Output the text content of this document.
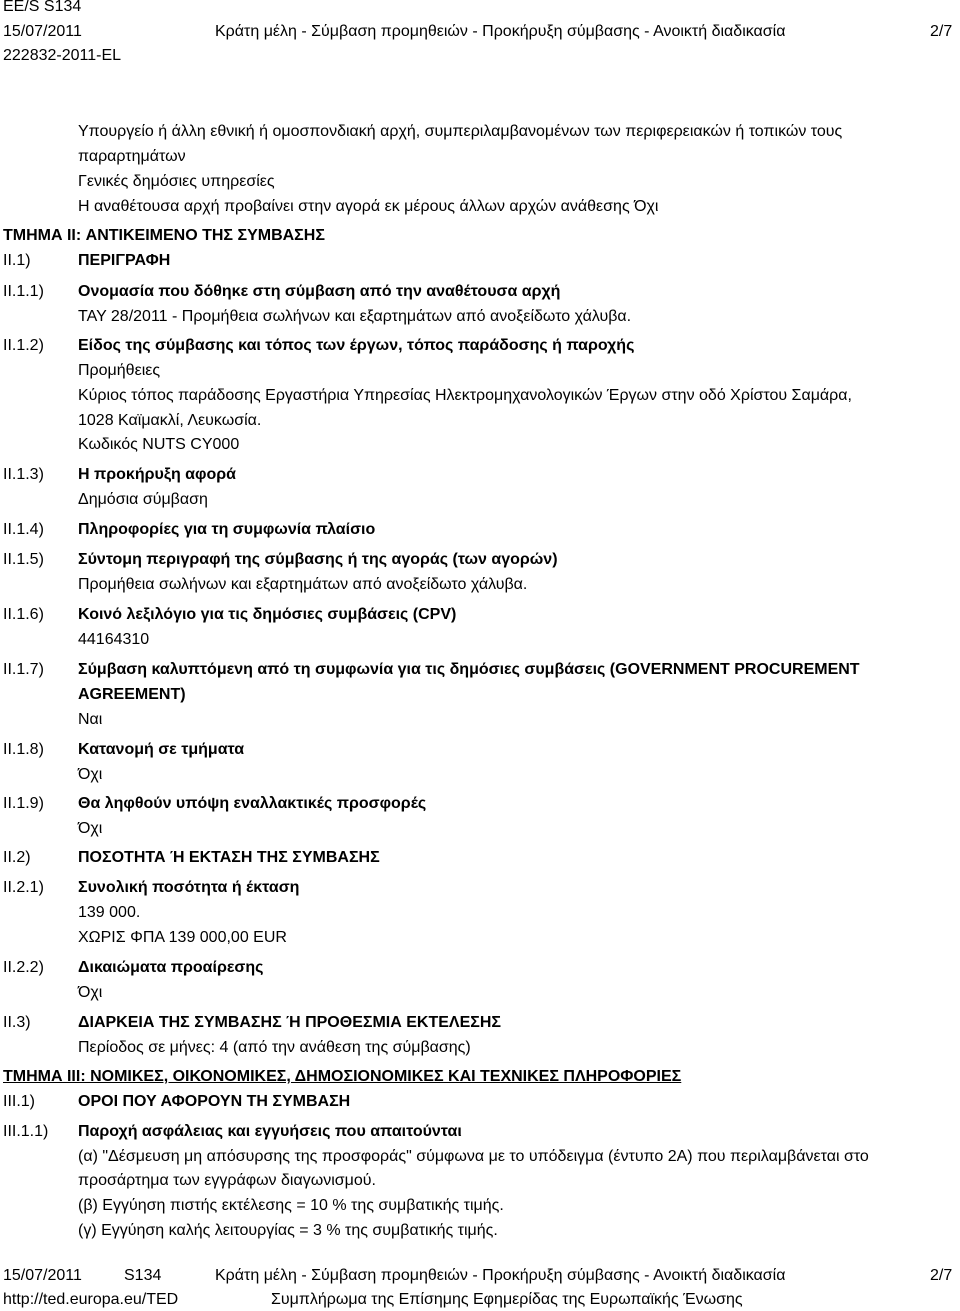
EE/S S134
15/07/2011	Κράτη μέλη - Σύμβαση προμηθειών - Προκήρυξη σύμβασης - Ανοικτή διαδικασία	2/7
222832-2011-EL
Υπουργείο ή άλλη εθνική ή ομοσπονδιακή αρχή, συμπεριλαμβανομένων των περιφερειακών ή τοπικών τους
παραρτημάτων
Γενικές δημόσιες υπηρεσίες
Η αναθέτουσα αρχή προβαίνει στην αγορά εκ μέρους άλλων αρχών ανάθεσης Όχι
ΤΜΗΜΑ II: ΑΝΤΙΚΕΙΜΕΝΟ ΤΗΣ ΣΥΜΒΑΣΗΣ
II.1)	ΠΕΡΙΓΡΑΦΗ
II.1.1) Ονομασία που δόθηκε στη σύμβαση από την αναθέτουσα αρχή
ΤΑΥ 28/2011 - Προμήθεια σωλήνων και εξαρτημάτων από ανοξείδωτο χάλυβα.
II.1.2) Είδος της σύμβασης και τόπος των έργων, τόπος παράδοσης ή παροχής
Προμήθειες
Κύριος τόπος παράδοσης Εργαστήρια Υπηρεσίας Ηλεκτρομηχανολογικών Έργων στην οδό Χρίστου Σαμάρα,
1028 Καϊμακλί, Λευκωσία.
Κωδικός NUTS CY000
II.1.3) Η προκήρυξη αφορά
Δημόσια σύμβαση
II.1.4) Πληροφορίες για τη συμφωνία πλαίσιο
II.1.5) Σύντομη περιγραφή της σύμβασης ή της αγοράς (των αγορών)
Προμήθεια σωλήνων και εξαρτημάτων από ανοξείδωτο χάλυβα.
II.1.6) Κοινό λεξιλόγιο για τις δημόσιες συμβάσεις (CPV)
44164310
II.1.7) Σύμβαση καλυπτόμενη από τη συμφωνία για τις δημόσιες συμβάσεις (GOVERNMENT PROCUREMENT
AGREEMENT)
Ναι
II.1.8) Κατανομή σε τμήματα
Όχι
II.1.9) Θα ληφθούν υπόψη εναλλακτικές προσφορές
Όχι
II.2)	ΠΟΣΟΤΗΤΑ Ή ΕΚΤΑΣΗ ΤΗΣ ΣΥΜΒΑΣΗΣ
II.2.1) Συνολική ποσότητα ή έκταση
139 000.
ΧΩΡΙΣ ΦΠΑ 139 000,00 EUR
II.2.2) Δικαιώματα προαίρεσης
Όχι
II.3)	ΔΙΑΡΚΕΙΑ ΤΗΣ ΣΥΜΒΑΣΗΣ Ή ΠΡΟΘΕΣΜΙΑ ΕΚΤΕΛΕΣΗΣ
Περίοδος σε μήνες: 4 (από την ανάθεση της σύμβασης)
ΤΜΗΜΑ III: ΝΟΜΙΚΕΣ, ΟΙΚΟΝΟΜΙΚΕΣ, ΔΗΜΟΣΙΟΝΟΜΙΚΕΣ ΚΑΙ ΤΕΧΝΙΚΕΣ ΠΛΗΡΟΦΟΡΙΕΣ
III.1)	ΟΡΟΙ ΠΟΥ ΑΦΟΡΟΥΝ ΤΗ ΣΥΜΒΑΣΗ
III.1.1) Παροχή ασφάλειας και εγγυήσεις που απαιτούνται
(α) "Δέσμευση μη απόσυρσης της προσφοράς" σύμφωνα με το υπόδειγμα (έντυπο 2Α) που περιλαμβάνεται στο
προσάρτημα των εγγράφων διαγωνισμού.
(β) Εγγύηση πιστής εκτέλεσης = 10 % της συμβατικής τιμής.
(γ) Εγγύηση καλής λειτουργίας = 3 % της συμβατικής τιμής.
15/07/2011	S134	Κράτη μέλη - Σύμβαση προμηθειών - Προκήρυξη σύμβασης - Ανοικτή διαδικασία	2/7
http://ted.europa.eu/TED	Συμπλήρωμα της Επίσημης Εφημερίδας της Ευρωπαϊκής Ένωσης
